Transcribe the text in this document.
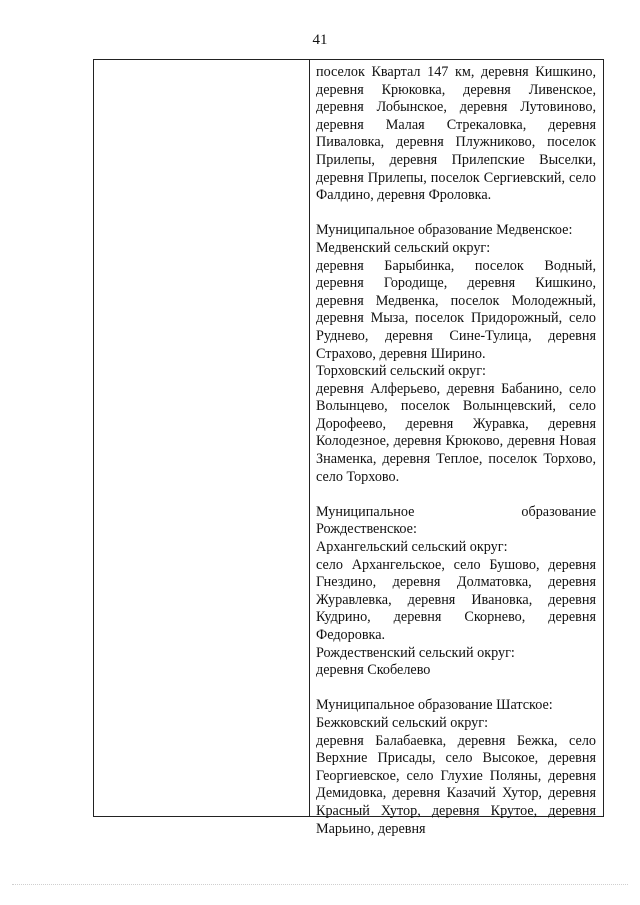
41

поселок Квартал 147 км, деревня Кишкино, деревня Крюковка, деревня Ливенское, деревня Лобынское, деревня Лутовиново, деревня Малая Стрекаловка, деревня Пиваловка, деревня Плужниково, поселок Прилепы, деревня Прилепские Выселки, деревня Прилепы, поселок Сергиевский, село Фалдино, деревня Фроловка.

Муниципальное образование Медвенское:

Медвенский сельский округ:

деревня Барыбинка, поселок Водный, деревня Городище, деревня Кишкино, деревня Медвенка, поселок Молодежный, деревня Мыза, поселок Придорожный, село Руднево, деревня Сине-Тулица, деревня Страхово, деревня Ширино.

Торховский сельский округ:

деревня Алферьево, деревня Бабанино, село Волынцево, поселок Волынцевский, село Дорофеево, деревня Журавка, деревня Колодезное, деревня Крюково, деревня Новая Знаменка, деревня Теплое, поселок Торхово, село Торхово.

Муниципальное	образование

Рождественское:

Архангельский сельский округ:

село Архангельское, село Бушово, деревня Гнездино, деревня Долматовка, деревня Журавлевка, деревня Ивановка, деревня Кудрино, деревня Скорнево, деревня Федоровка.

Рождественский сельский округ:

деревня Скобелево

Муниципальное образование Шатское:

Бежковский сельский округ:

деревня Балабаевка, деревня Бежка, село Верхние Присады, село Высокое, деревня Георгиевское, село Глухие Поляны, деревня Демидовка, деревня Казачий Хутор, деревня Красный Хутор, деревня Крутое, деревня Марьино, деревня
